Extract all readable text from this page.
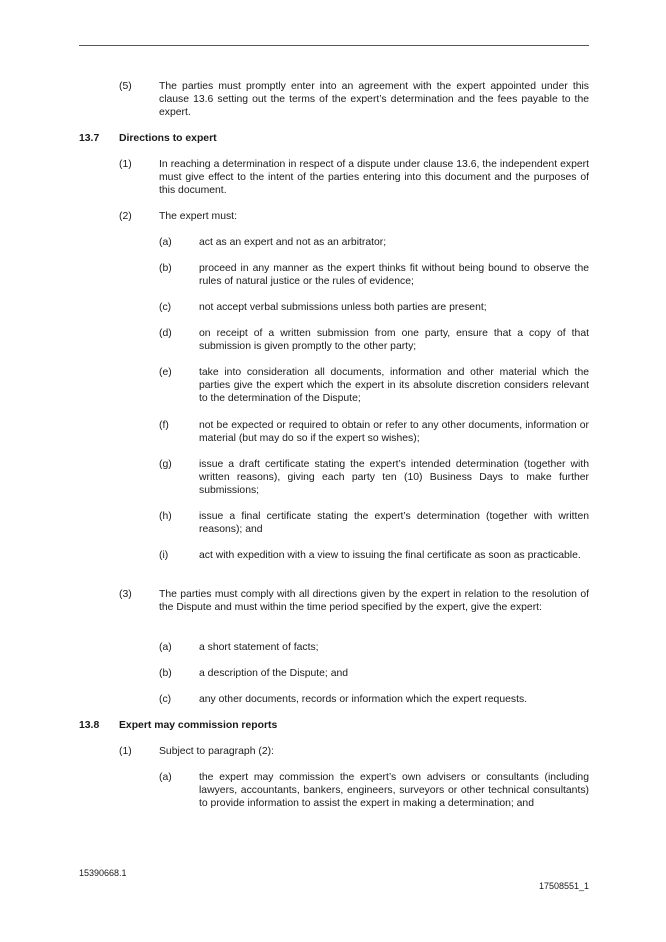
(5)	The parties must promptly enter into an agreement with the expert appointed under this clause 13.6 setting out the terms of the expert’s determination and the fees payable to the expert.
13.7 Directions to expert
(1)	In reaching a determination in respect of a dispute under clause 13.6, the independent expert must give effect to the intent of the parties entering into this document and the purposes of this document.
(2)	The expert must:
(a)	act as an expert and not as an arbitrator;
(b)	proceed in any manner as the expert thinks fit without being bound to observe the rules of natural justice or the rules of evidence;
(c)	not accept verbal submissions unless both parties are present;
(d)	on receipt of a written submission from one party, ensure that a copy of that submission is given promptly to the other party;
(e)	take into consideration all documents, information and other material which the parties give the expert which the expert in its absolute discretion considers relevant to the determination of the Dispute;
(f)	not be expected or required to obtain or refer to any other documents, information or material (but may do so if the expert so wishes);
(g)	issue a draft certificate stating the expert’s intended determination (together with written reasons), giving each party ten (10) Business Days to make further submissions;
(h)	issue a final certificate stating the expert’s determination (together with written reasons); and
(i)	act with expedition with a view to issuing the final certificate as soon as practicable.
(3)	The parties must comply with all directions given by the expert in relation to the resolution of the Dispute and must within the time period specified by the expert, give the expert:
(a)	a short statement of facts;
(b)	a description of the Dispute; and
(c)	any other documents, records or information which the expert requests.
13.8 Expert may commission reports
(1)	Subject to paragraph (2):
(a)	the expert may commission the expert’s own advisers or consultants (including lawyers, accountants, bankers, engineers, surveyors or other technical consultants) to provide information to assist the expert in making a determination; and
15390668.1
17508551_1
